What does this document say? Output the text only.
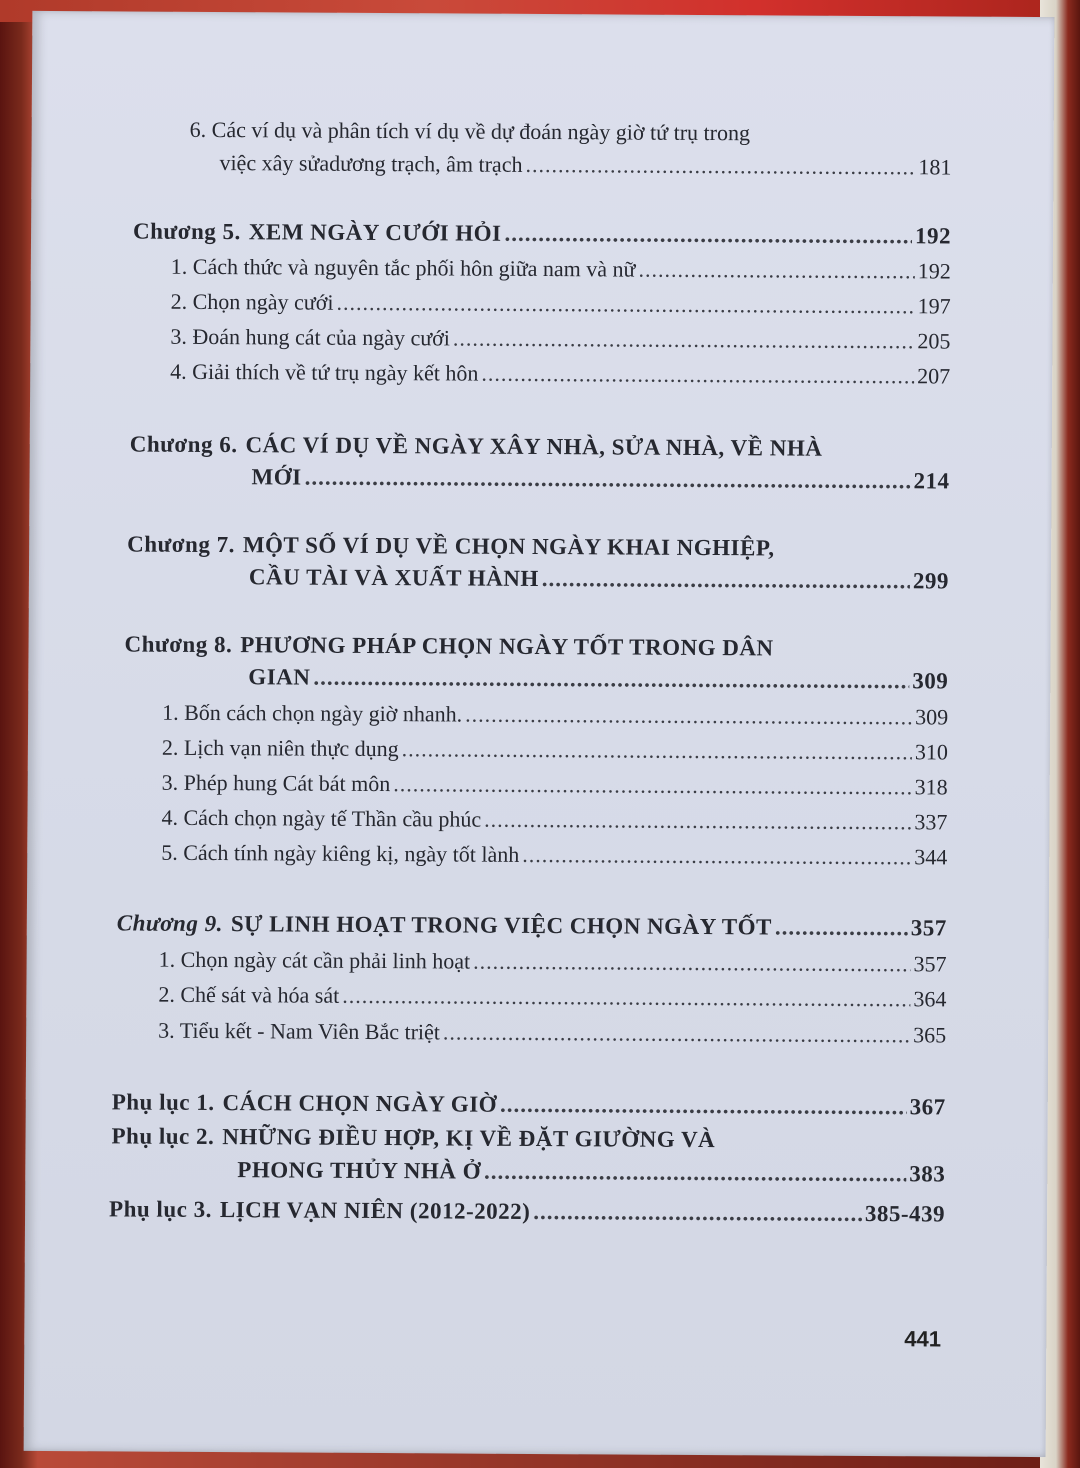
6. Các ví dụ và phân tích ví dụ về dự đoán ngày giờ tứ trụ trong
việc xây sửadương trạch, âm trạch .....	181
Chương 5. XEM NGÀY CƯỚI HỎI .....	192
1. Cách thức và nguyên tắc phối hôn giữa nam và nữ .....	192
2. Chọn ngày cưới .....	197
3. Đoán hung cát của ngày cưới .....	205
4. Giải thích về tứ trụ ngày kết hôn .....	207
Chương 6. CÁC VÍ DỤ VỀ NGÀY XÂY NHÀ, SỬA NHÀ, VỀ NHÀ
MỚI .....	214
Chương 7. MỘT SỐ VÍ DỤ VỀ CHỌN NGÀY KHAI NGHIỆP,
CẦU TÀI VÀ XUẤT HÀNH .....	299
Chương 8. PHƯƠNG PHÁP CHỌN NGÀY TỐT TRONG DÂN
GIAN .....	309
1. Bốn cách chọn ngày giờ nhanh. .....	309
2. Lịch vạn niên thực dụng .....	310
3. Phép hung Cát bát môn .....	318
4. Cách chọn ngày tế Thần cầu phúc .....	337
5. Cách tính ngày kiêng kị, ngày tốt lành .....	344
Chương 9. SỰ LINH HOẠT TRONG VIỆC CHỌN NGÀY TỐT .....	357
1. Chọn ngày cát cần phải linh hoạt .....	357
2. Chế sát và hóa sát .....	364
3. Tiểu kết - Nam Viên Bắc triệt .....	365
Phụ lục 1. CÁCH CHỌN NGÀY GIỜ .....	367
Phụ lục 2. NHỮNG ĐIỀU HỢP, KỊ VỀ ĐẶT GIƯỜNG VÀ
PHONG THỦY NHÀ Ở .....	383
Phụ lục 3. LỊCH VẠN NIÊN (2012-2022) .....	385-439
441
